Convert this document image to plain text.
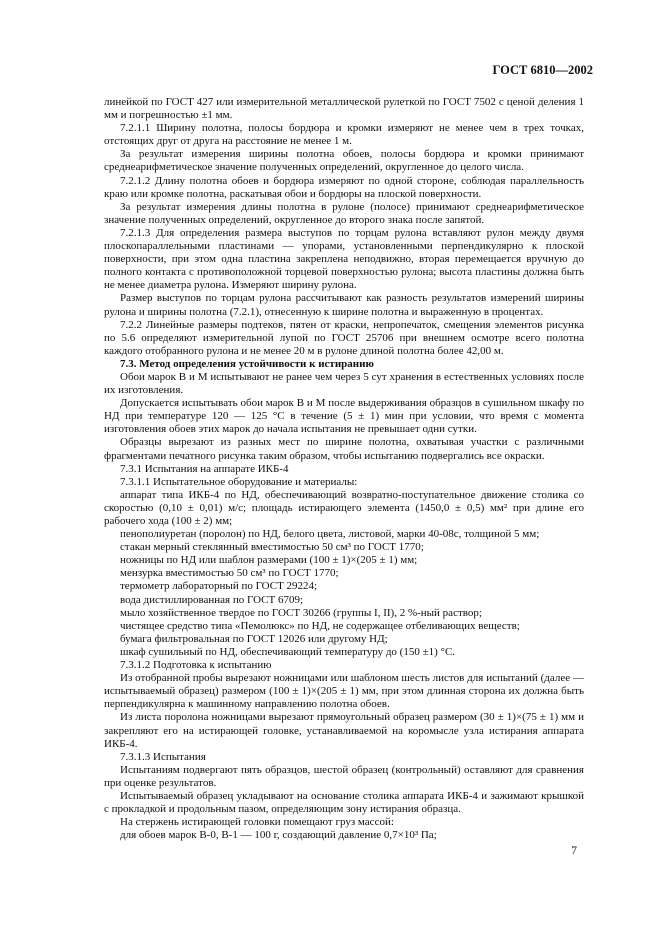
ГОСТ 6810—2002

линейкой по ГОСТ 427 или измерительной металлической рулеткой по ГОСТ 7502 с ценой деления 1 мм и погрешностью ±1 мм.

7.2.1.1 Ширину полотна, полосы бордюра и кромки измеряют не менее чем в трех точках, отстоящих друг от друга на расстояние не менее 1 м.

За результат измерения ширины полотна обоев, полосы бордюра и кромки принимают среднеарифметическое значение полученных определений, округленное до целого числа.

7.2.1.2 Длину полотна обоев и бордюра измеряют по одной стороне, соблюдая параллельность краю или кромке полотна, раскатывая обои и бордюры на плоской поверхности.

За результат измерения длины полотна в рулоне (полосе) принимают среднеарифметическое значение полученных определений, округленное до второго знака после запятой.

7.2.1.3 Для определения размера выступов по торцам рулона вставляют рулон между двумя плоскопараллельными пластинами — упорами, установленными перпендикулярно к плоской поверхности, при этом одна пластина закреплена неподвижно, вторая перемещается вручную до полного контакта с противоположной торцевой поверхностью рулона; высота пластины должна быть не менее диаметра рулона. Измеряют ширину рулона.

Размер выступов по торцам рулона рассчитывают как разность результатов измерений ширины рулона и ширины полотна (7.2.1), отнесенную к ширине полотна и выраженную в процентах.

7.2.2 Линейные размеры подтеков, пятен от краски, непропечаток, смещения элементов рисунка по 5.6 определяют измерительной лупой по ГОСТ 25706 при внешнем осмотре всего полотна каждого отобранного рулона и не менее 20 м в рулоне длиной полотна более 42,00 м.

7.3. Метод определения устойчивости к истиранию

Обои марок В и М испытывают не ранее чем через 5 сут хранения в естественных условиях после их изготовления.

Допускается испытывать обои марок В и М после выдерживания образцов в сушильном шкафу по НД при температуре 120 — 125 °С в течение (5 ± 1) мин при условии, что время с момента изготовления обоев этих марок до начала испытания не превышает одни сутки.

Образцы вырезают из разных мест по ширине полотна, охватывая участки с различными фрагментами печатного рисунка таким образом, чтобы испытанию подвергались все окраски.

7.3.1 Испытания на аппарате ИКБ-4

7.3.1.1 Испытательное оборудование и материалы:

аппарат типа ИКБ-4 по НД, обеспечивающий возвратно-поступательное движение столика со скоростью (0,10 ± 0,01) м/с; площадь истирающего элемента (1450,0 ± 0,5) мм² при длине его рабочего хода (100 ± 2) мм;

пенополиуретан (поролон) по НД, белого цвета, листовой, марки 40-08с, толщиной 5 мм;

стакан мерный стеклянный вместимостью 50 см³ по ГОСТ 1770;

ножницы по НД или шаблон размерами (100 ± 1)×(205 ± 1) мм;

мензурка вместимостью 50 см³ по ГОСТ 1770;

термометр лабораторный по ГОСТ 29224;

вода дистиллированная по ГОСТ 6709;

мыло хозяйственное твердое по ГОСТ 30266 (группы I, II), 2 %-ный раствор;

чистящее средство типа «Пемолюкс» по НД, не содержащее отбеливающих веществ;

бумага фильтровальная по ГОСТ 12026 или другому НД;

шкаф сушильный по НД, обеспечивающий температуру до (150 ±1) °С.

7.3.1.2 Подготовка к испытанию

Из отобранной пробы вырезают ножницами или шаблоном шесть листов для испытаний (далее — испытываемый образец) размером (100 ± 1)×(205 ± 1) мм, при этом длинная сторона их должна быть перпендикулярна к машинному направлению полотна обоев.

Из листа поролона ножницами вырезают прямоугольный образец размером (30 ± 1)×(75 ± 1) мм и закрепляют его на истирающей головке, устанавливаемой на коромысле узла истирания аппарата ИКБ-4.

7.3.1.3 Испытания

Испытаниям подвергают пять образцов, шестой образец (контрольный) оставляют для сравнения при оценке результатов.

Испытываемый образец укладывают на основание столика аппарата ИКБ-4 и зажимают крышкой с прокладкой и продольным пазом, определяющим зону истирания образца.

На стержень истирающей головки помещают груз массой:

для обоев марок В-0, В-1 — 100 г, создающий давление 0,7×10³ Па;

7
